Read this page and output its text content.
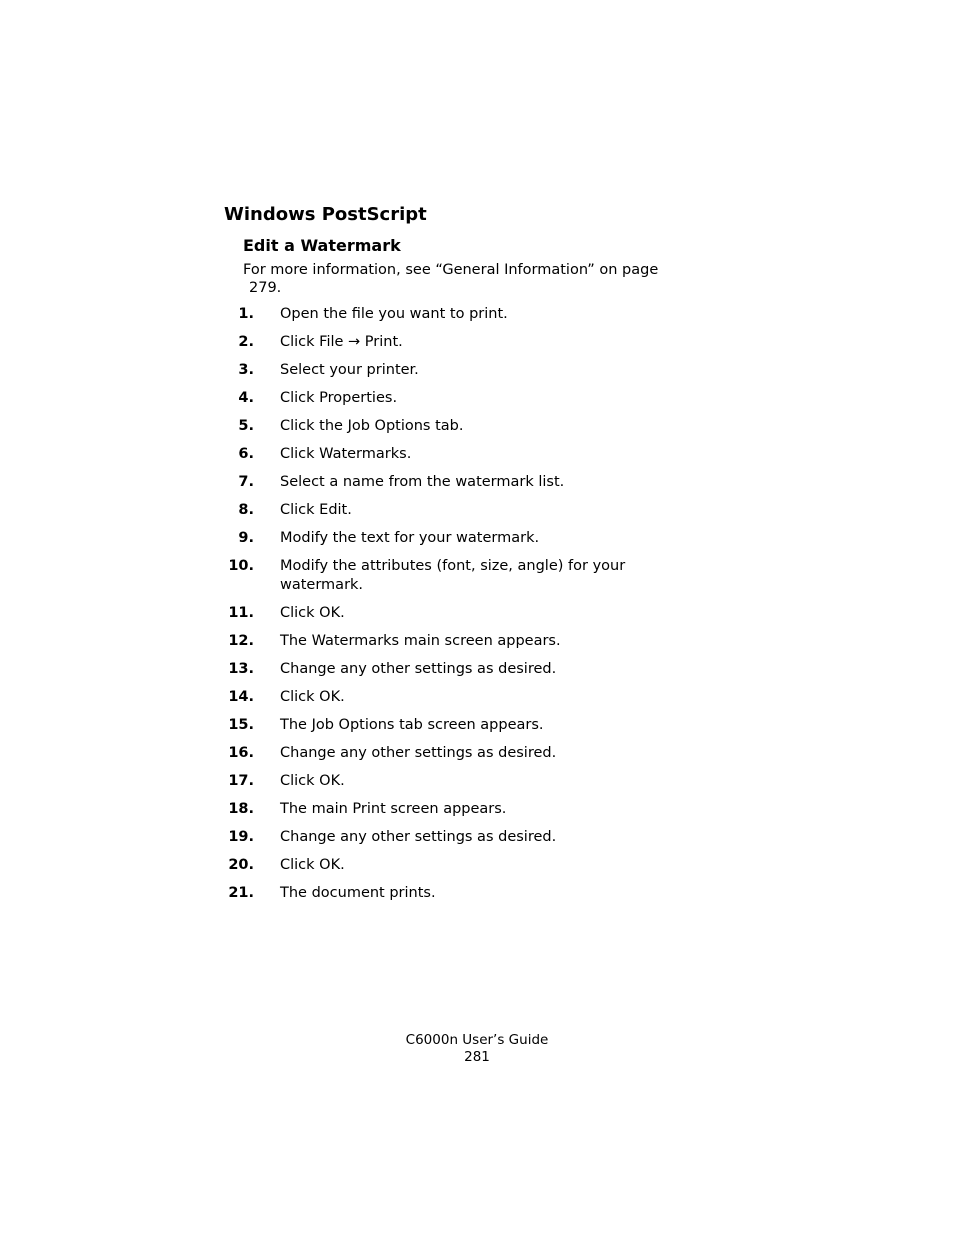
Windows PostScript
Edit a Watermark

For more information, see “General Information” on page
279.

1. Open the file you want to print.
2. Click File → Print.
3. Select your printer.
4. Click Properties.
5. Click the Job Options tab.
6. Click Watermarks.
7. Select a name from the watermark list.
8. Click Edit.
9. Modify the text for your watermark.
10. Modify the attributes (font, size, angle) for your watermark.
11. Click OK.
12. The Watermarks main screen appears.
13. Change any other settings as desired.
14. Click OK.
15. The Job Options tab screen appears.
16. Change any other settings as desired.
17. Click OK.
18. The main Print screen appears.
19. Change any other settings as desired.
20. Click OK.
21. The document prints.
C6000n User’s Guide
281
